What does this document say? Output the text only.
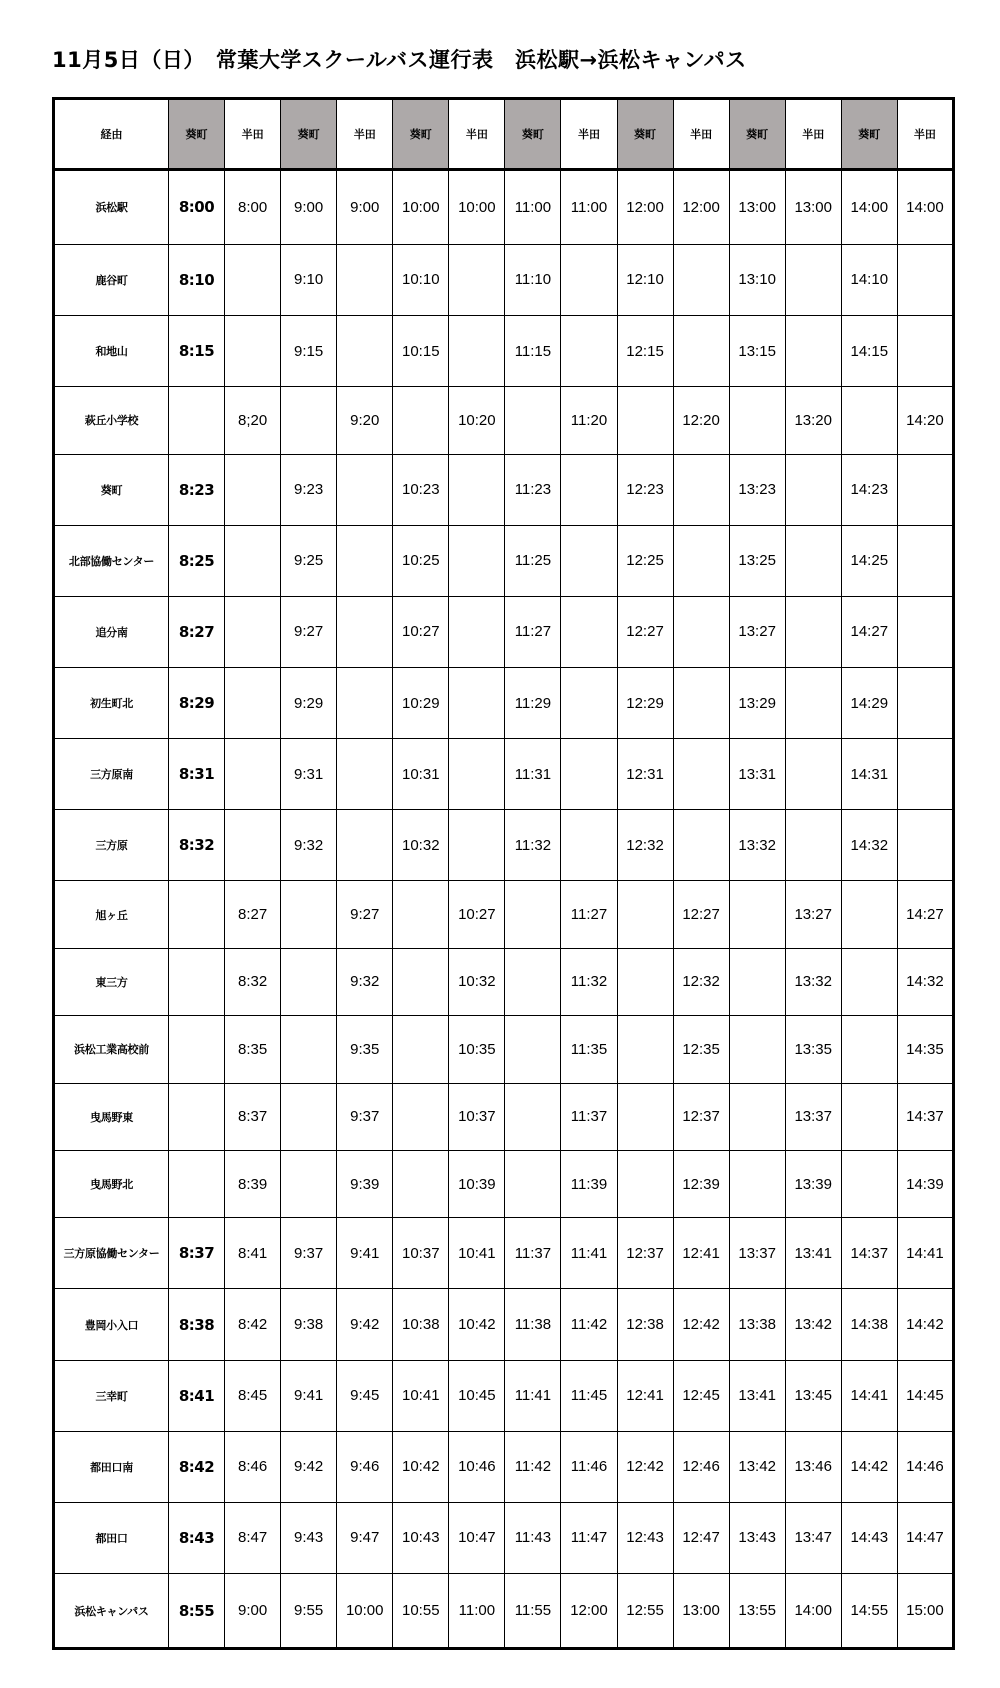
11月5日（日）　常葉大学スクールバス運行表　浜松駅→浜松キャンパス
経由	葵町	半田	葵町	半田	葵町	半田	葵町	半田	葵町	半田	葵町	半田	葵町	半田
浜松駅	8:00	8:00	9:00	9:00	10:00	10:00	11:00	11:00	12:00	12:00	13:00	13:00	14:00	14:00
鹿谷町	8:10		9:10		10:10		11:10		12:10		13:10		14:10	
和地山	8:15		9:15		10:15		11:15		12:15		13:15		14:15	
萩丘小学校		8;20		9:20		10:20		11:20		12:20		13:20		14:20
葵町	8:23		9:23		10:23		11:23		12:23		13:23		14:23	
北部協働センター	8:25		9:25		10:25		11:25		12:25		13:25		14:25	
追分南	8:27		9:27		10:27		11:27		12:27		13:27		14:27	
初生町北	8:29		9:29		10:29		11:29		12:29		13:29		14:29	
三方原南	8:31		9:31		10:31		11:31		12:31		13:31		14:31	
三方原	8:32		9:32		10:32		11:32		12:32		13:32		14:32	
旭ヶ丘		8:27		9:27		10:27		11:27		12:27		13:27		14:27
東三方		8:32		9:32		10:32		11:32		12:32		13:32		14:32
浜松工業高校前		8:35		9:35		10:35		11:35		12:35		13:35		14:35
曳馬野東		8:37		9:37		10:37		11:37		12:37		13:37		14:37
曳馬野北		8:39		9:39		10:39		11:39		12:39		13:39		14:39
三方原協働センター	8:37	8:41	9:37	9:41	10:37	10:41	11:37	11:41	12:37	12:41	13:37	13:41	14:37	14:41
豊岡小入口	8:38	8:42	9:38	9:42	10:38	10:42	11:38	11:42	12:38	12:42	13:38	13:42	14:38	14:42
三幸町	8:41	8:45	9:41	9:45	10:41	10:45	11:41	11:45	12:41	12:45	13:41	13:45	14:41	14:45
都田口南	8:42	8:46	9:42	9:46	10:42	10:46	11:42	11:46	12:42	12:46	13:42	13:46	14:42	14:46
都田口	8:43	8:47	9:43	9:47	10:43	10:47	11:43	11:47	12:43	12:47	13:43	13:47	14:43	14:47
浜松キャンパス	8:55	9:00	9:55	10:00	10:55	11:00	11:55	12:00	12:55	13:00	13:55	14:00	14:55	15:00
